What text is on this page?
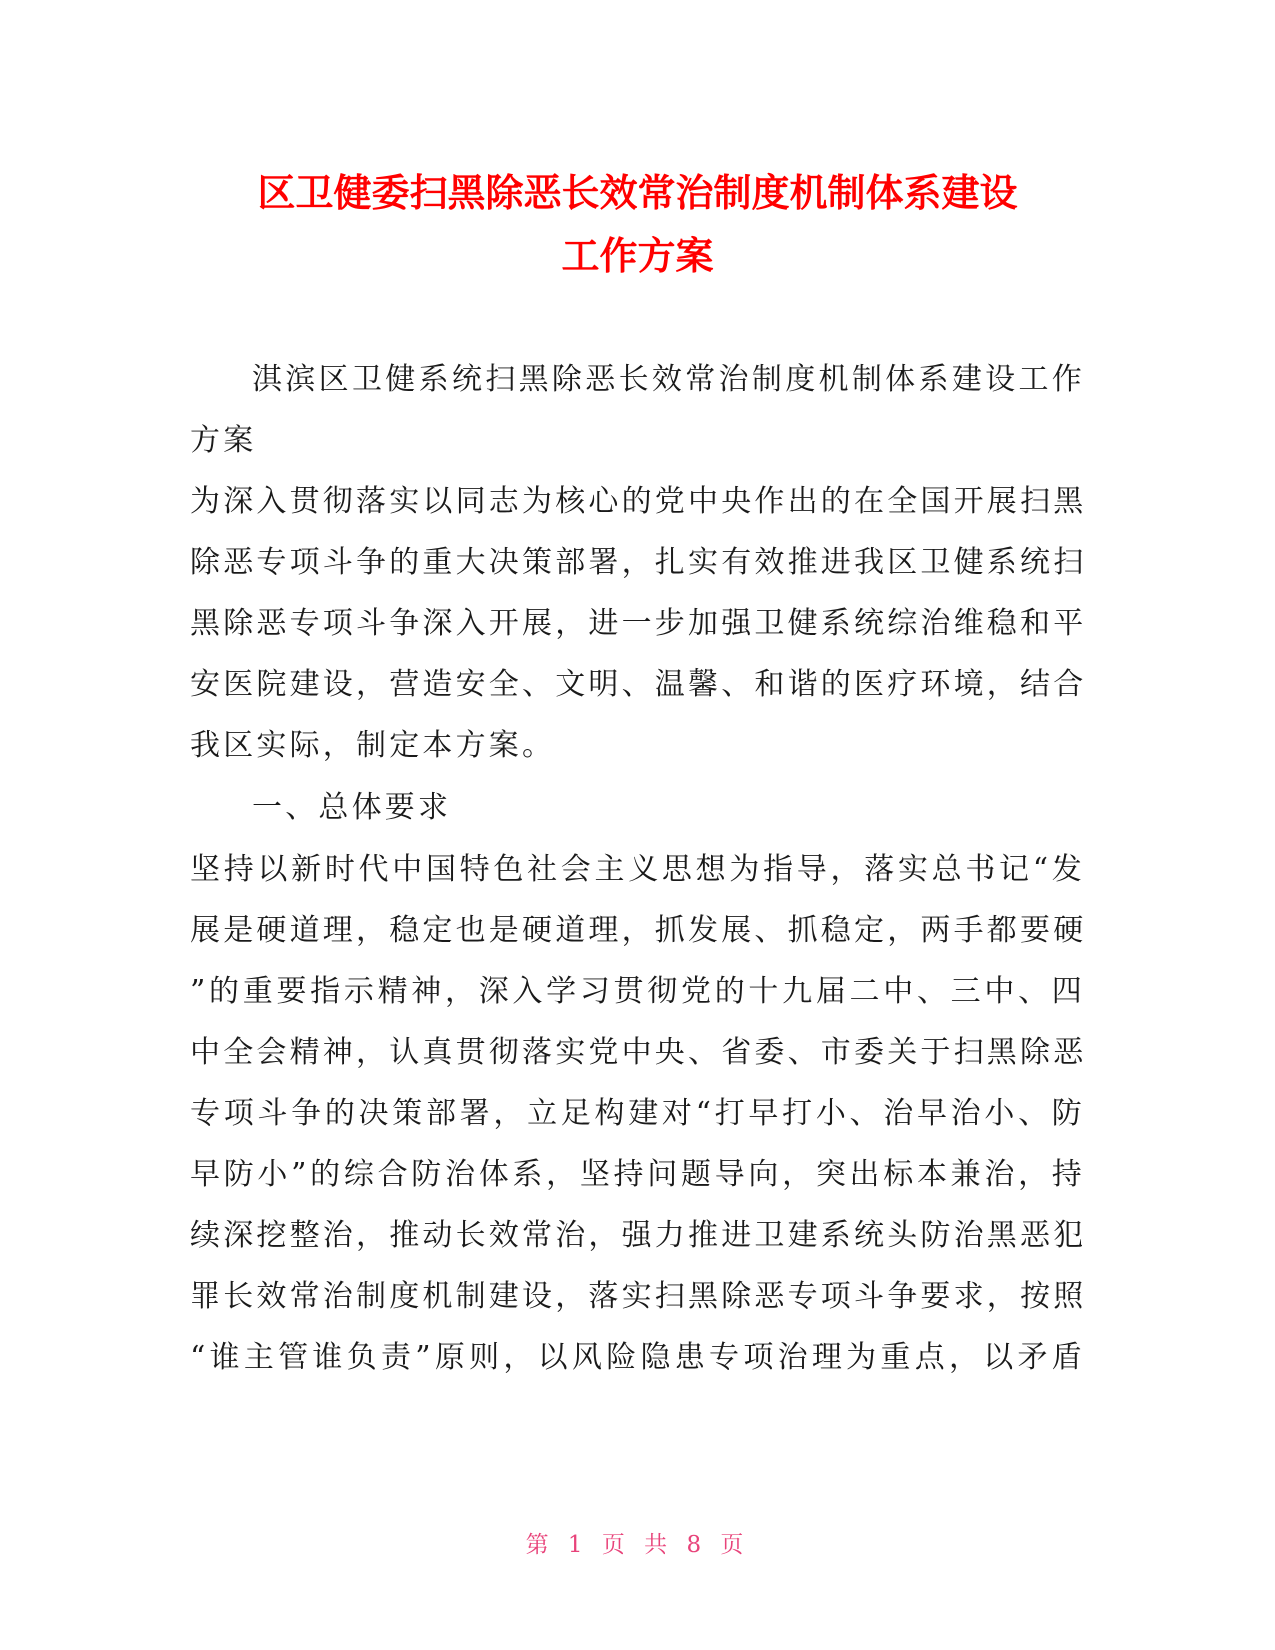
区卫健委扫黑除恶长效常治制度机制体系建设
工作方案
淇滨区卫健系统扫黑除恶长效常治制度机制体系建设工作
方案
为深入贯彻落实以同志为核心的党中央作出的在全国开展扫黑
除恶专项斗争的重大决策部署，扎实有效推进我区卫健系统扫
黑除恶专项斗争深入开展，进一步加强卫健系统综治维稳和平
安医院建设，营造安全、文明、温馨、和谐的医疗环境，结合
我区实际，制定本方案。
一、总体要求
坚持以新时代中国特色社会主义思想为指导，落实总书记“发
展是硬道理，稳定也是硬道理，抓发展、抓稳定，两手都要硬
”的重要指示精神，深入学习贯彻党的十九届二中、三中、四
中全会精神，认真贯彻落实党中央、省委、市委关于扫黑除恶
专项斗争的决策部署，立足构建对“打早打小、治早治小、防
早防小”的综合防治体系，坚持问题导向，突出标本兼治，持
续深挖整治，推动长效常治，强力推进卫建系统头防治黑恶犯
罪长效常治制度机制建设，落实扫黑除恶专项斗争要求，按照
“谁主管谁负责”原则，以风险隐患专项治理为重点，以矛盾
第 1 页 共 8 页
